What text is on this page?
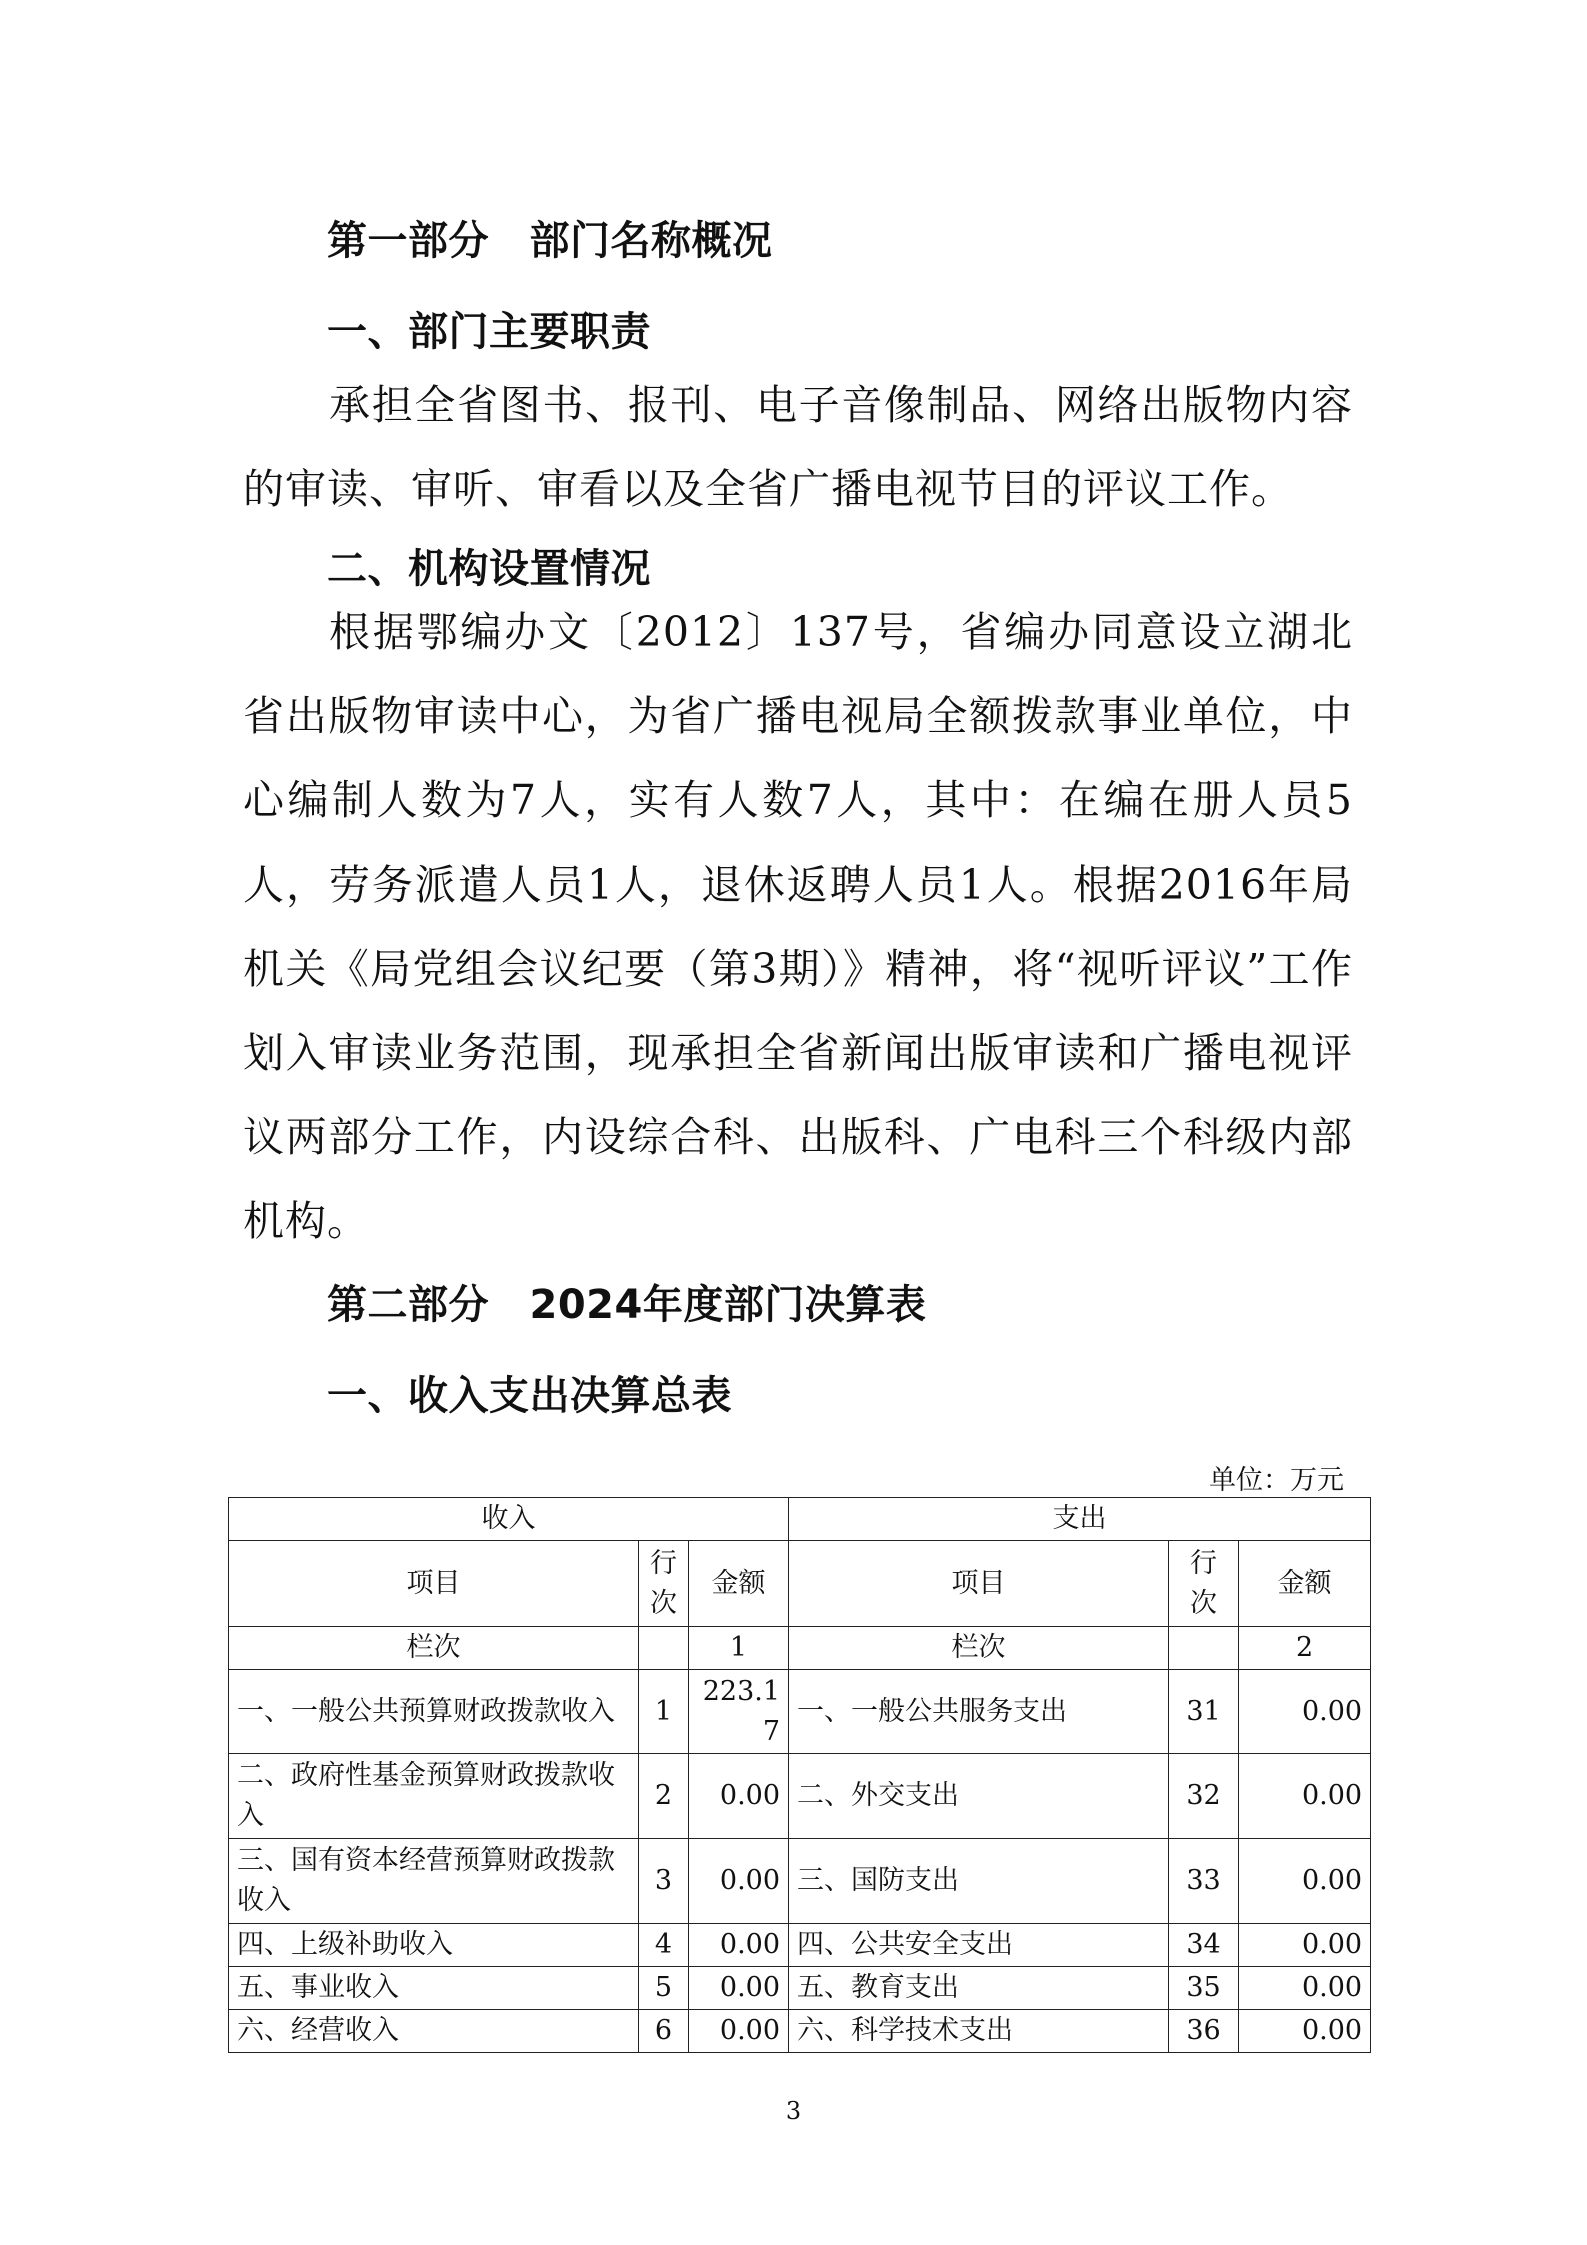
第一部分　部门名称概况
一、部门主要职责

承担全省图书、报刊、电子音像制品、网络出版物内容的审读、审听、审看以及全省广播电视节目的评议工作。

二、机构设置情况

根据鄂编办文〔2012〕137号，省编办同意设立湖北省出版物审读中心，为省广播电视局全额拨款事业单位，中心编制人数为7人，实有人数7人，其中：在编在册人员5人，劳务派遣人员1人，退休返聘人员1人。根据2016年局机关《局党组会议纪要（第3期）》精神，将“视听评议”工作划入审读业务范围，现承担全省新闻出版审读和广播电视评议两部分工作，内设综合科、出版科、广电科三个科级内部机构。

第二部分　2024年度部门决算表
一、收入支出决算总表
单位：万元
收入			支出		
项目	行次	金额	项目	行次	金额
栏次		1	栏次		2
一、一般公共预算财政拨款收入	1	223.17	一、一般公共服务支出	31	0.00
二、政府性基金预算财政拨款收入	2	0.00	二、外交支出	32	0.00
三、国有资本经营预算财政拨款收入	3	0.00	三、国防支出	33	0.00
四、上级补助收入	4	0.00	四、公共安全支出	34	0.00
五、事业收入	5	0.00	五、教育支出	35	0.00
六、经营收入	6	0.00	六、科学技术支出	36	0.00
3
